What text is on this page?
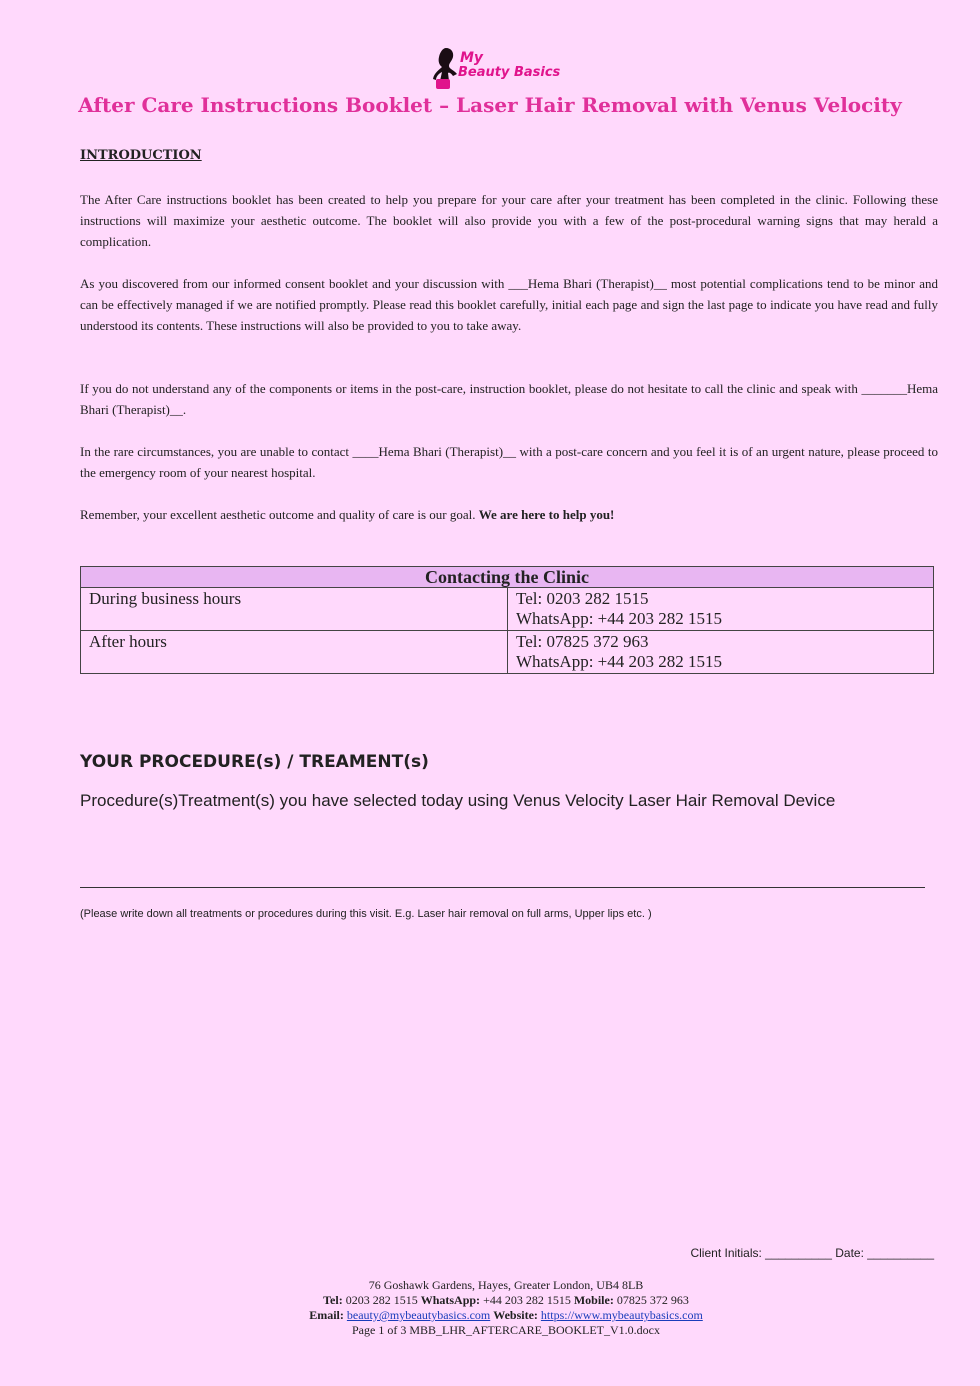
My
Beauty Basics
After Care Instructions Booklet – Laser Hair Removal with Venus Velocity
INTRODUCTION

The After Care instructions booklet has been created to help you prepare for your care after your treatment has been completed in the clinic. Following these instructions will maximize your aesthetic outcome. The booklet will also provide you with a few of the post-procedural warning signs that may herald a complication.

As you discovered from our informed consent booklet and your discussion with ___Hema Bhari (Therapist)__ most potential complications tend to be minor and can be effectively managed if we are notified promptly. Please read this booklet carefully, initial each page and sign the last page to indicate you have read and fully understood its contents. These instructions will also be provided to you to take away.

If you do not understand any of the components or items in the post-care, instruction booklet, please do not hesitate to call the clinic and speak with _______Hema Bhari (Therapist)__.

In the rare circumstances, you are unable to contact ____Hema Bhari (Therapist)__ with a post-care concern and you feel it is of an urgent nature, please proceed to the emergency room of your nearest hospital.

Remember, your excellent aesthetic outcome and quality of care is our goal. We are here to help you!

Contacting the Clinic	
During business hours	Tel: 0203 282 1515
WhatsApp: +44 203 282 1515

After hours	Tel: 07825 372 963
WhatsApp: +44 203 282 1515
YOUR PROCEDURE(s) / TREAMENT(s)

Procedure(s)Treatment(s) you have selected today using Venus Velocity Laser Hair Removal Device

(Please write down all treatments or procedures during this visit. E.g. Laser hair removal on full arms, Upper lips etc. )

Client Initials: __________ Date: __________

76 Goshawk Gardens, Hayes, Greater London, UB4 8LB
Tel: 0203 282 1515 WhatsApp: +44 203 282 1515 Mobile: 07825 372 963
Email: beauty@mybeautybasics.com Website: https://www.mybeautybasics.com
Page 1 of 3 MBB_LHR_AFTERCARE_BOOKLET_V1.0.docx
